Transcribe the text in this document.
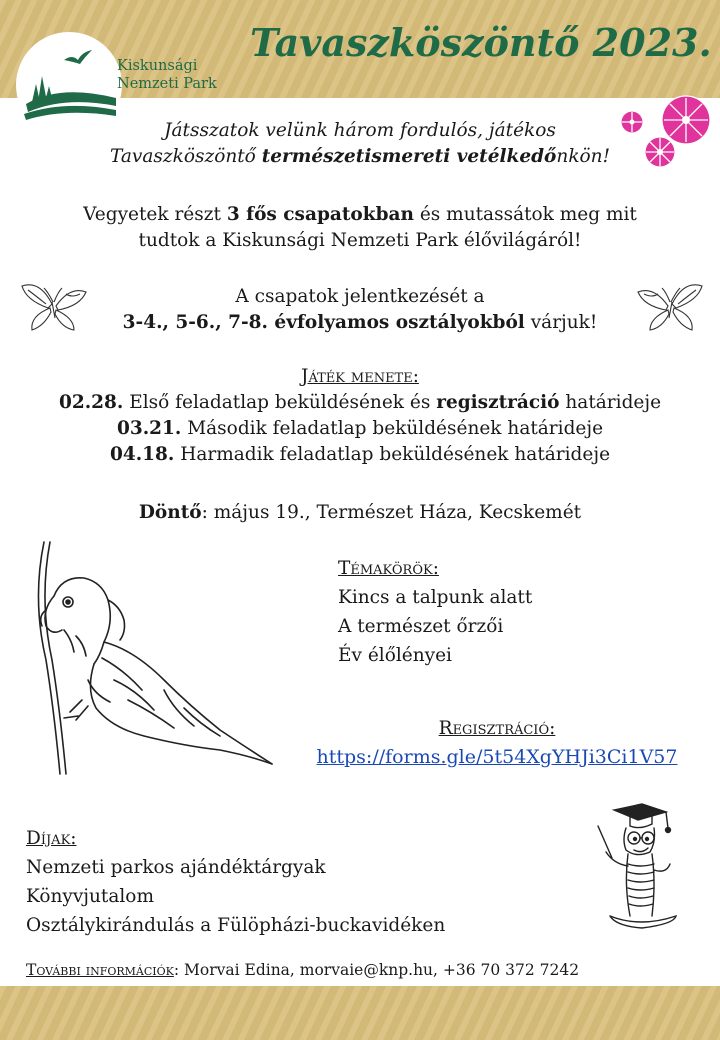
Kiskunsági
Nemzeti Park
Tavaszköszöntő 2023.
Játsszatok velünk három fordulós, játékos
Tavaszköszöntő természetismereti vetélkedőnkön!
Vegyetek részt 3 fős csapatokban és mutassátok meg mit
tudtok a Kiskunsági Nemzeti Park élővilágáról!
A csapatok jelentkezését a
3-4., 5-6., 7-8. évfolyamos osztályokból várjuk!
Játék menete:
02.28. Első feladatlap beküldésének és regisztráció határideje
03.21. Második feladatlap beküldésének határideje
04.18. Harmadik feladatlap beküldésének határideje
Döntő: május 19., Természet Háza, Kecskemét
Témakörök:
Kincs a talpunk alatt
A természet őrzői
Év élőlényei
Regisztráció:
https://forms.gle/5t54XgYHJi3Ci1V57
Díjak:
Nemzeti parkos ajándéktárgyak
Könyvjutalom
Osztálykirándulás a Fülöpházi-buckavidéken
További információk: Morvai Edina, morvaie@knp.hu, +36 70 372 7242
